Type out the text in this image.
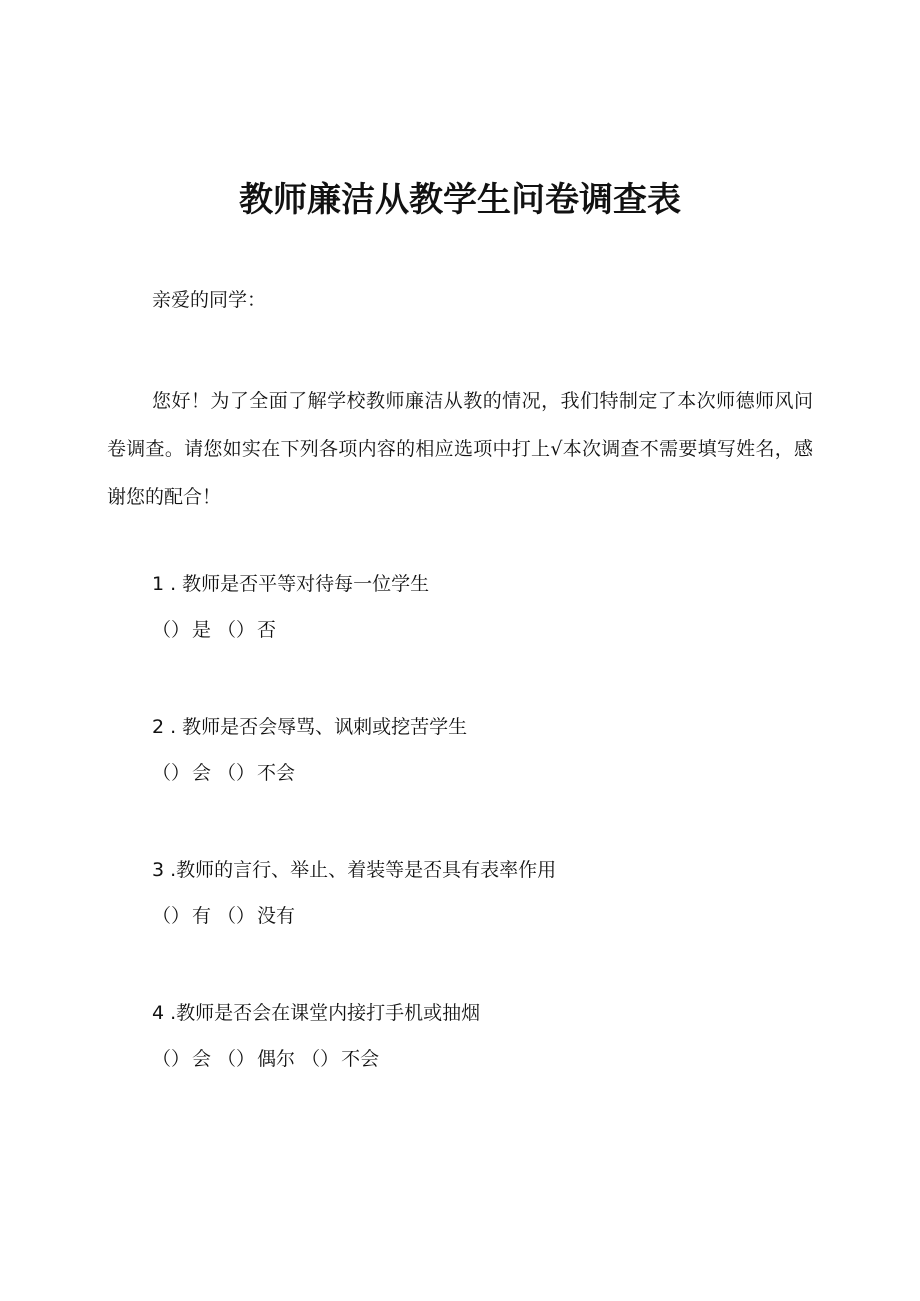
教师廉洁从教学生问卷调查表
亲爱的同学：
您好！为了全面了解学校教师廉洁从教的情况，我们特制定了本次师德师风问卷调查。请您如实在下列各项内容的相应选项中打上√本次调查不需要填写姓名，感谢您的配合！
1 . 教师是否平等对待每一位学生
（） 是 （） 否
2 . 教师是否会辱骂、讽刺或挖苦学生
（） 会 （） 不会
3 .教师的言行、举止、着装等是否具有表率作用
（） 有 （） 没有
4 .教师是否会在课堂内接打手机或抽烟
（） 会 （） 偶尔 （） 不会
